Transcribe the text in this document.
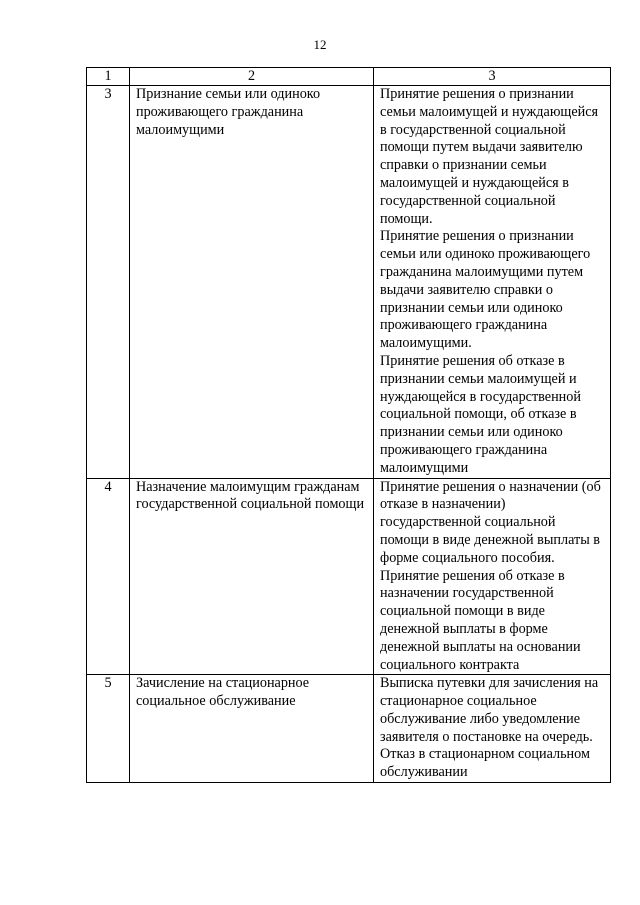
12
1	2	3
3	Признание семьи или одиноко проживающего гражданина малоимущими	Принятие решения о признании семьи малоимущей и нуждающейся в государственной социальной помощи путем выдачи заявителю справки о признании семьи малоимущей и нуждающейся в государственной социальной помощи.
Принятие решения о признании семьи или одиноко проживающего гражданина малоимущими путем выдачи заявителю справки о признании семьи или одиноко проживающего гражданина малоимущими.
Принятие решения об отказе в признании семьи малоимущей и нуждающейся в государственной социальной помощи, об отказе в признании семьи или одиноко проживающего гражданина малоимущими

4	Назначение малоимущим гражданам государственной социальной помощи	Принятие решения о назначении (об отказе в назначении) государственной социальной помощи в виде денежной выплаты в форме социального пособия.
Принятие решения об отказе в назначении государственной социальной помощи в виде денежной выплаты в форме денежной выплаты на основании социального контракта

5	Зачисление на стационарное социальное обслуживание	Выписка путевки для зачисления на стационарное социальное обслуживание либо уведомление заявителя о постановке на очередь.
Отказ в стационарном социальном обслуживании
